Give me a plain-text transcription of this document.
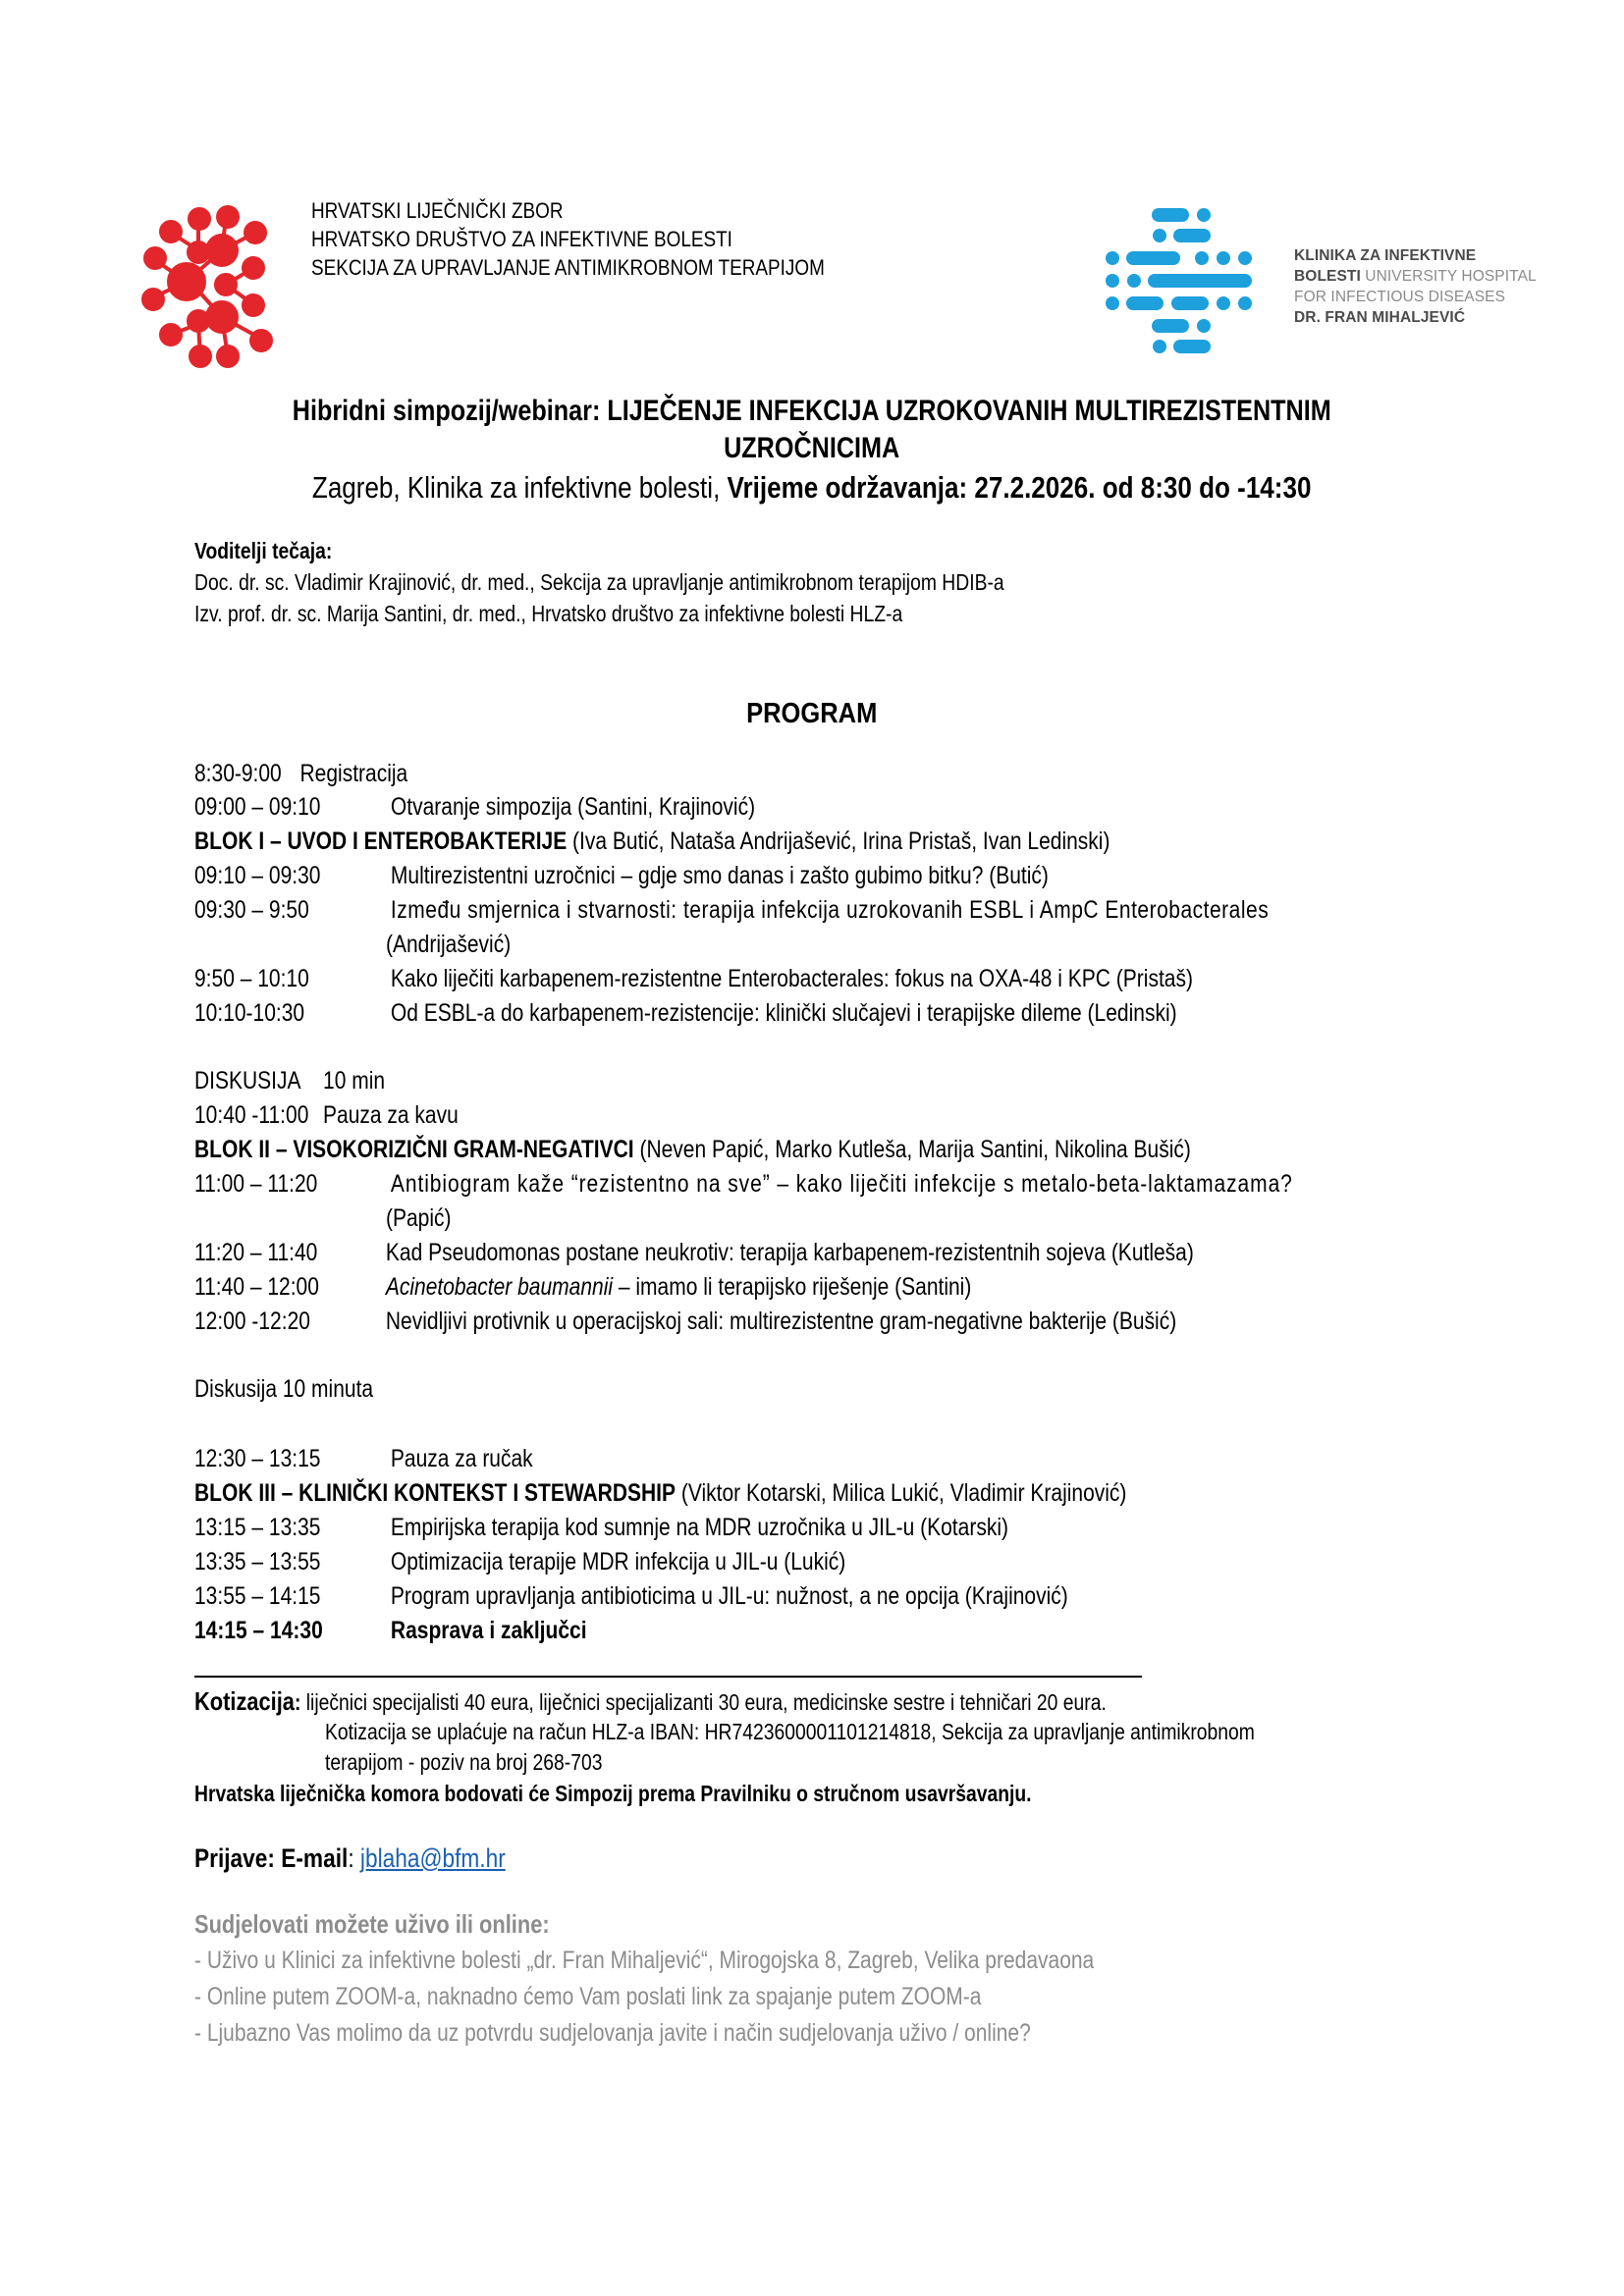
HRVATSKI LIJEČNIČKI ZBOR
HRVATSKO DRUŠTVO ZA INFEKTIVNE BOLESTI
SEKCIJA ZA UPRAVLJANJE ANTIMIKROBNOM TERAPIJOM	KLINIKA ZA INFEKTIVNE
BOLESTI UNIVERSITY HOSPITAL
FOR INFECTIOUS DISEASES
DR. FRAN MIHALJEVIĆ
Hibridni simpozij/webinar: LIJEČENJE INFEKCIJA UZROKOVANIH MULTIREZISTENTNIM
UZROČNICIMA
Zagreb, Klinika za infektivne bolesti, Vrijeme održavanja: 27.2.2026. od 8:30 do -14:30
Voditelji tečaja:
Doc. dr. sc. Vladimir Krajinović, dr. med., Sekcija za upravljanje antimikrobnom terapijom HDIB-a
Izv. prof. dr. sc. Marija Santini, dr. med., Hrvatsko društvo za infektivne bolesti HLZ-a
PROGRAM
8:30-9:00 Registracija
09:00 – 09:10	Otvaranje simpozija (Santini, Krajinović)
BLOK I – UVOD I ENTEROBAKTERIJE (Iva Butić, Nataša Andrijašević, Irina Pristaš, Ivan Ledinski)
09:10 – 09:30	Multirezistentni uzročnici – gdje smo danas i zašto gubimo bitku? (Butić)
09:30 – 9:50	Između smjernica i stvarnosti: terapija infekcija uzrokovanih ESBL i AmpC Enterobacterales
(Andrijašević)
9:50 – 10:10	Kako liječiti karbapenem-rezistentne Enterobacterales: fokus na OXA-48 i KPC (Pristaš)
10:10-10:30	Od ESBL-a do karbapenem-rezistencije: klinički slučajevi i terapijske dileme (Ledinski)
DISKUSIJA 10 min
10:40 -11:00 Pauza za kavu
BLOK II – VISOKORIZIČNI GRAM-NEGATIVCI (Neven Papić, Marko Kutleša, Marija Santini, Nikolina Bušić)
11:00 – 11:20	Antibiogram kaže “rezistentno na sve” – kako liječiti infekcije s metalo-beta-laktamazama?
(Papić)
11:20 – 11:40	Kad Pseudomonas postane neukrotiv: terapija karbapenem-rezistentnih sojeva (Kutleša)
11:40 – 12:00	Acinetobacter baumannii – imamo li terapijsko riješenje (Santini)
12:00 -12:20	Nevidljivi protivnik u operacijskoj sali: multirezistentne gram-negativne bakterije (Bušić)
Diskusija 10 minuta
12:30 – 13:15	Pauza za ručak
BLOK III – KLINIČKI KONTEKST I STEWARDSHIP (Viktor Kotarski, Milica Lukić, Vladimir Krajinović)
13:15 – 13:35	Empirijska terapija kod sumnje na MDR uzročnika u JIL-u (Kotarski)
13:35 – 13:55	Optimizacija terapije MDR infekcija u JIL-u (Lukić)
13:55 – 14:15	Program upravljanja antibioticima u JIL-u: nužnost, a ne opcija (Krajinović)
14:15 – 14:30	Rasprava i zaključci
Kotizacija: liječnici specijalisti 40 eura, liječnici specijalizanti 30 eura, medicinske sestre i tehničari 20 eura.
Kotizacija se uplaćuje na račun HLZ-a IBAN: HR7423600001101214818, Sekcija za upravljanje antimikrobnom
terapijom - poziv na broj 268-703
Hrvatska liječnička komora bodovati će Simpozij prema Pravilniku o stručnom usavršavanju.
Prijave: E-mail: jblaha@bfm.hr
Sudjelovati možete uživo ili online:
- Uživo u Klinici za infektivne bolesti „dr. Fran Mihaljević“, Mirogojska 8, Zagreb, Velika predavaona
- Online putem ZOOM-a, naknadno ćemo Vam poslati link za spajanje putem ZOOM-a
- Ljubazno Vas molimo da uz potvrdu sudjelovanja javite i način sudjelovanja uživo / online?
